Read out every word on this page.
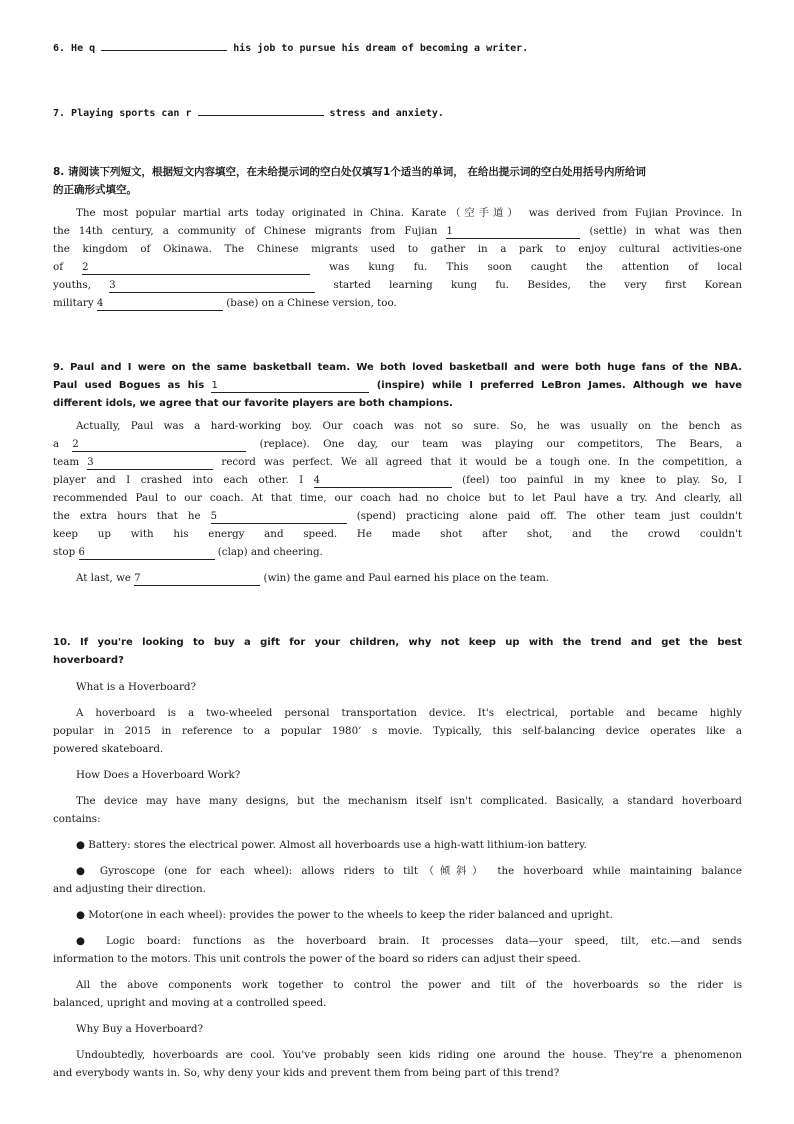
6. He q	his job to pursue his dream of becoming a writer.

7. Playing sports can r	stress and anxiety.

8. 请阅读下列短文，根据短文内容填空，在未给提示词的空白处仅填写1个适当的单词， 在给出提示词的空白处用括号内所给词

的正确形式填空。

The most popular martial arts today originated in China. Karate（空手道） was derived from Fujian Province. In

the 14th century, a community of Chinese migrants from Fujian 1	(settle) in what was then

the kingdom of Okinawa. The Chinese migrants used to gather in a park to enjoy cultural activities-one

of 2	was kung fu. This soon caught the attention of local

youths, 3	started learning kung fu. Besides, the very first Korean

military 4	(base) on a Chinese version, too.

9. Paul and I were on the same basketball team. We both loved basketball and were both huge fans of the NBA.

Paul used Bogues as his 1	(inspire) while I preferred LeBron James. Although we have

different idols, we agree that our favorite players are both champions.

Actually, Paul was a hard-working boy. Our coach was not so sure. So, he was usually on the bench as

a 2	(replace). One day, our team was playing our competitors, The Bears, a

team 3	record was perfect. We all agreed that it would be a tough one. In the competition, a

player and I crashed into each other. I 4	(feel) too painful in my knee to play. So, I

recommended Paul to our coach. At that time, our coach had no choice but to let Paul have a try. And clearly, all

the extra hours that he 5	(spend) practicing alone paid off. The other team just couldn't

keep up with his energy and speed. He made shot after shot, and the crowd couldn't

stop 6	(clap) and cheering.

At last, we 7	(win) the game and Paul earned his place on the team.

10. If you're looking to buy a gift for your children, why not keep up with the trend and get the best

hoverboard?

What is a Hoverboard?

A hoverboard is a two-wheeled personal transportation device. It's electrical, portable and became highly

popular in 2015 in reference to a popular 1980’ s movie. Typically, this self-balancing device operates like a

powered skateboard.

How Does a Hoverboard Work?

The device may have many designs, but the mechanism itself isn't complicated. Basically, a standard hoverboard

contains:

● Battery: stores the electrical power. Almost all hoverboards use a high-watt lithium-ion battery.

● Gyroscope (one for each wheel): allows riders to tilt（倾斜） the hoverboard while maintaining balance

and adjusting their direction.

● Motor(one in each wheel): provides the power to the wheels to keep the rider balanced and upright.

● Logic board: functions as the hoverboard brain. It processes data—your speed, tilt, etc.—and sends

information to the motors. This unit controls the power of the board so riders can adjust their speed.

All the above components work together to control the power and tilt of the hoverboards so the rider is

balanced, upright and moving at a controlled speed.

Why Buy a Hoverboard?

Undoubtedly, hoverboards are cool. You've probably seen kids riding one around the house. They're a phenomenon

and everybody wants in. So, why deny your kids and prevent them from being part of this trend?
